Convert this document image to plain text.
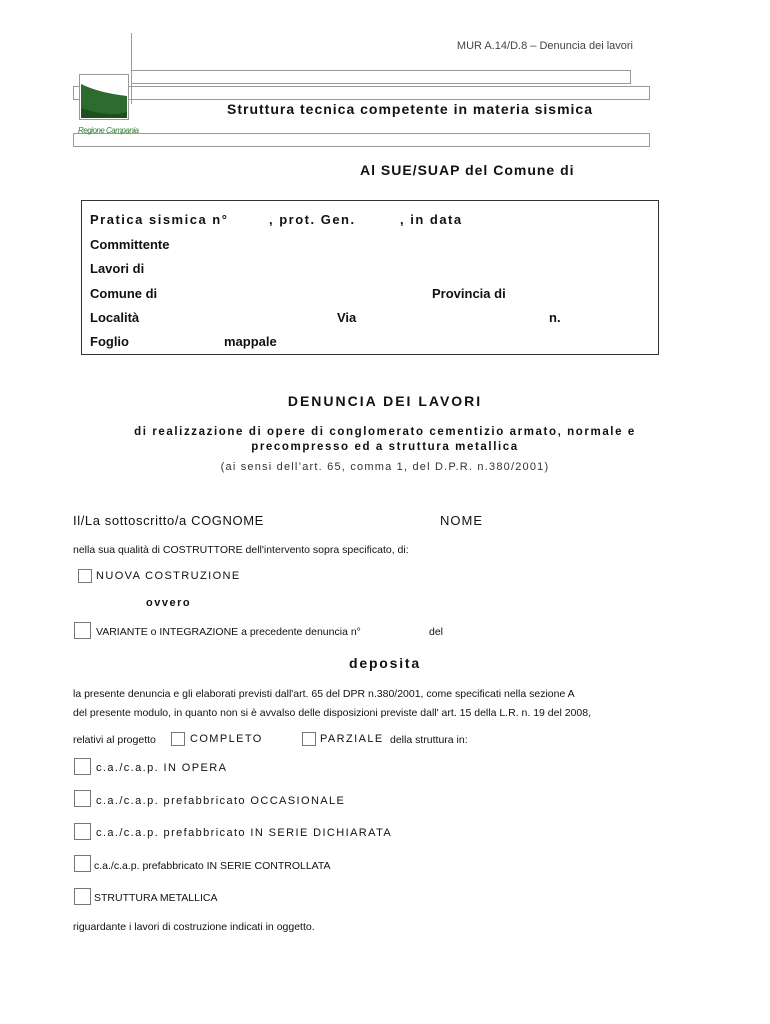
MUR A.14/D.8 – Denuncia dei lavori
Regione Campania
Struttura tecnica competente in materia sismica
Al SUE/SUAP del Comune di
Pratica sismica n°	, prot. Gen.	, in data
Committente
Lavori di
Comune di	Provincia di
Località	Via	n.
Foglio	mappale
DENUNCIA DEI LAVORI
di realizzazione di opere di conglomerato cementizio armato, normale e
precompresso ed a struttura metallica
(ai sensi dell’art. 65, comma 1, del D.P.R. n.380/2001)
Il/La sottoscritto/a COGNOME	NOME
nella sua qualità di COSTRUTTORE dell'intervento sopra specificato, di:
NUOVA COSTRUZIONE
ovvero
VARIANTE o INTEGRAZIONE a precedente denuncia n°	del
deposita
la presente denuncia e gli elaborati previsti dall'art. 65 del DPR n.380/2001, come specificati nella sezione A
del presente modulo, in quanto non si è avvalso delle disposizioni previste dall' art. 15 della L.R. n. 19 del 2008,
relativi al progetto	COMPLETO	PARZIALE della struttura in:
c.a./c.a.p. IN OPERA
c.a./c.a.p. prefabbricato OCCASIONALE
c.a./c.a.p. prefabbricato IN SERIE DICHIARATA
c.a./c.a.p. prefabbricato IN SERIE CONTROLLATA
STRUTTURA METALLICA
riguardante i lavori di costruzione indicati in oggetto.
